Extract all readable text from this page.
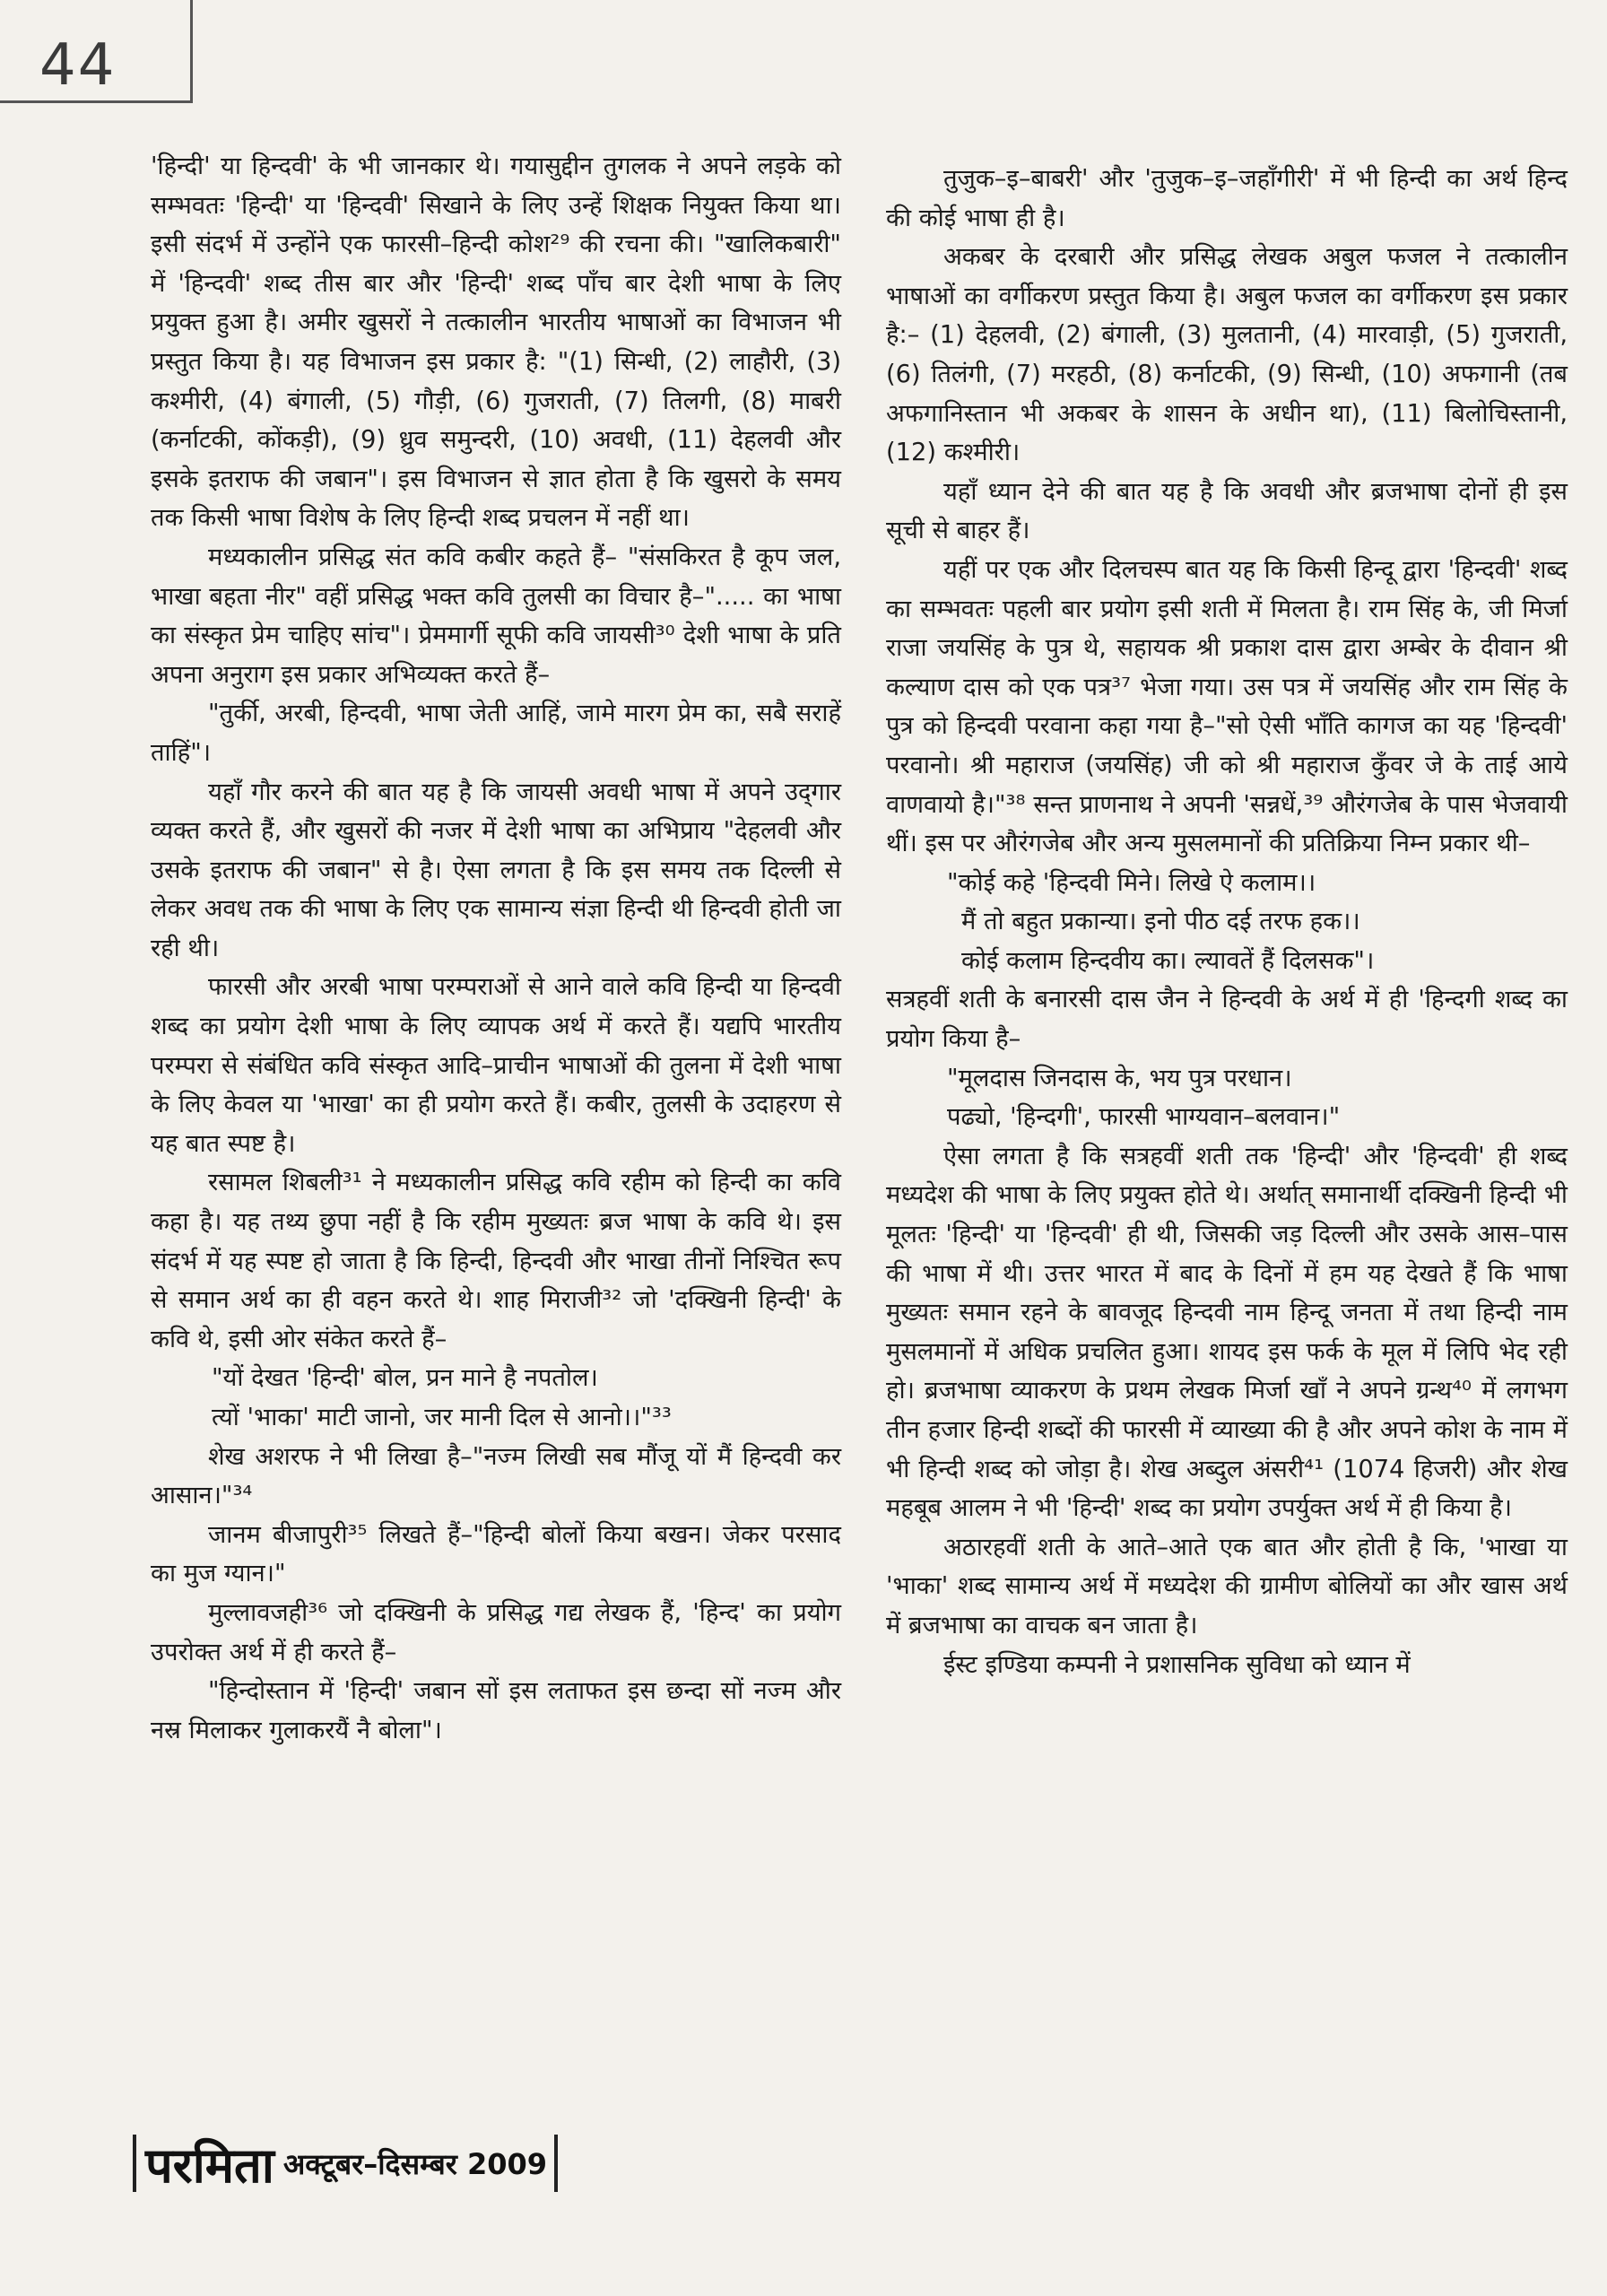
44

'हिन्दी' या हिन्दवी' के भी जानकार थे। गयासुद्दीन तुगलक ने अपने लड़के को सम्भवतः 'हिन्दी' या 'हिन्दवी' सिखाने के लिए उन्हें शिक्षक नियुक्त किया था। इसी संदर्भ में उन्होंने एक फारसी–हिन्दी कोश²⁹ की रचना की। "खालिकबारी" में 'हिन्दवी' शब्द तीस बार और 'हिन्दी' शब्द पाँच बार देशी भाषा के लिए प्रयुक्त हुआ है। अमीर खुसरों ने तत्कालीन भारतीय भाषाओं का विभाजन भी प्रस्तुत किया है। यह विभाजन इस प्रकार है: "(1) सिन्धी, (2) लाहौरी, (3) कश्मीरी, (4) बंगाली, (5) गौड़ी, (6) गुजराती, (7) तिलगी, (8) माबरी (कर्नाटकी, कोंकड़ी), (9) ध्रुव समुन्दरी, (10) अवधी, (11) देहलवी और इसके इतराफ की जबान"। इस विभाजन से ज्ञात होता है कि खुसरो के समय तक किसी भाषा विशेष के लिए हिन्दी शब्द प्रचलन में नहीं था।

मध्यकालीन प्रसिद्ध संत कवि कबीर कहते हैं– "संसकिरत है कूप जल, भाखा बहता नीर" वहीं प्रसिद्ध भक्त कवि तुलसी का विचार है–"..... का भाषा का संस्कृत प्रेम चाहिए सांच"। प्रेममार्गी सूफी कवि जायसी³⁰ देशी भाषा के प्रति अपना अनुराग इस प्रकार अभिव्यक्त करते हैं–

"तुर्की, अरबी, हिन्दवी, भाषा जेती आहिं, जामे मारग प्रेम का, सबै सराहें ताहिं"।

यहाँ गौर करने की बात यह है कि जायसी अवधी भाषा में अपने उद्‌गार व्यक्त करते हैं, और खुसरों की नजर में देशी भाषा का अभिप्राय "देहलवी और उसके इतराफ की जबान" से है। ऐसा लगता है कि इस समय तक दिल्ली से लेकर अवध तक की भाषा के लिए एक सामान्य संज्ञा हिन्दी थी हिन्दवी होती जा रही थी।

फारसी और अरबी भाषा परम्पराओं से आने वाले कवि हिन्दी या हिन्दवी शब्द का प्रयोग देशी भाषा के लिए व्यापक अर्थ में करते हैं। यद्यपि भारतीय परम्परा से संबंधित कवि संस्कृत आदि–प्राचीन भाषाओं की तुलना में देशी भाषा के लिए केवल या 'भाखा' का ही प्रयोग करते हैं। कबीर, तुलसी के उदाहरण से यह बात स्पष्ट है।

रसामल शिबली³¹ ने मध्यकालीन प्रसिद्ध कवि रहीम को हिन्दी का कवि कहा है। यह तथ्य छुपा नहीं है कि रहीम मुख्यतः ब्रज भाषा के कवि थे। इस संदर्भ में यह स्पष्ट हो जाता है कि हिन्दी, हिन्दवी और भाखा तीनों निश्चित रूप से समान अर्थ का ही वहन करते थे। शाह मिराजी³² जो 'दक्खिनी हिन्दी' के कवि थे, इसी ओर संकेत करते हैं–

"यों देखत 'हिन्दी' बोल, प्रन माने है नपतोल।

त्यों 'भाका' माटी जानो, जर मानी दिल से आनो।।"³³

शेख अशरफ ने भी लिखा है–"नज्म लिखी सब मौंजू यों मैं हिन्दवी कर आसान।"³⁴

जानम बीजापुरी³⁵ लिखते हैं–"हिन्दी बोलों किया बखन। जेकर परसाद का मुज ग्यान।"

मुल्लावजही³⁶ जो दक्खिनी के प्रसिद्ध गद्य लेखक हैं, 'हिन्द' का प्रयोग उपरोक्त अर्थ में ही करते हैं–

"हिन्दोस्तान में 'हिन्दी' जबान सों इस लताफत इस छन्दा सों नज्म और नस्र मिलाकर गुलाकरयैं नै बोला"।

तुजुक–इ–बाबरी' और 'तुजुक–इ–जहाँगीरी' में भी हिन्दी का अर्थ हिन्द की कोई भाषा ही है।

अकबर के दरबारी और प्रसिद्ध लेखक अबुल फजल ने तत्कालीन भाषाओं का वर्गीकरण प्रस्तुत किया है। अबुल फजल का वर्गीकरण इस प्रकार है:– (1) देहलवी, (2) बंगाली, (3) मुलतानी, (4) मारवाड़ी, (5) गुजराती, (6) तिलंगी, (7) मरहठी, (8) कर्नाटकी, (9) सिन्धी, (10) अफगानी (तब अफगानिस्तान भी अकबर के शासन के अधीन था), (11) बिलोचिस्तानी, (12) कश्मीरी।

यहाँ ध्यान देने की बात यह है कि अवधी और ब्रजभाषा दोनों ही इस सूची से बाहर हैं।

यहीं पर एक और दिलचस्प बात यह कि किसी हिन्दू द्वारा 'हिन्दवी' शब्द का सम्भवतः पहली बार प्रयोग इसी शती में मिलता है। राम सिंह के, जी मिर्जा राजा जयसिंह के पुत्र थे, सहायक श्री प्रकाश दास द्वारा अम्बेर के दीवान श्री कल्याण दास को एक पत्र³⁷ भेजा गया। उस पत्र में जयसिंह और राम सिंह के पुत्र को हिन्दवी परवाना कहा गया है–"सो ऐसी भाँति कागज का यह 'हिन्दवी' परवानो। श्री महाराज (जयसिंह) जी को श्री महाराज कुँवर जे के ताई आये वाणवायो है।"³⁸ सन्त प्राणनाथ ने अपनी 'सन्नधें,³⁹ औरंगजेब के पास भेजवायी थीं। इस पर औरंगजेब और अन्य मुसलमानों की प्रतिक्रिया निम्न प्रकार थी–

"कोई कहे 'हिन्दवी मिने। लिखे ऐ कलाम।।

मैं तो बहुत प्रकान्या। इनो पीठ दई तरफ हक।।

कोई कलाम हिन्दवीय का। ल्यावतें हैं दिलसक"।

सत्रहवीं शती के बनारसी दास जैन ने हिन्दवी के अर्थ में ही 'हिन्दगी शब्द का प्रयोग किया है–

"मूलदास जिनदास के, भय पुत्र परधान।

पढ्यो, 'हिन्दगी', फारसी भाग्यवान–बलवान।"

ऐसा लगता है कि सत्रहवीं शती तक 'हिन्दी' और 'हिन्दवी' ही शब्द मध्यदेश की भाषा के लिए प्रयुक्त होते थे। अर्थात् समानार्थी दक्खिनी हिन्दी भी मूलतः 'हिन्दी' या 'हिन्दवी' ही थी, जिसकी जड़ दिल्ली और उसके आस–पास की भाषा में थी। उत्तर भारत में बाद के दिनों में हम यह देखते हैं कि भाषा मुख्यतः समान रहने के बावजूद हिन्दवी नाम हिन्दू जनता में तथा हिन्दी नाम मुसलमानों में अधिक प्रचलित हुआ। शायद इस फर्क के मूल में लिपि भेद रही हो। ब्रजभाषा व्याकरण के प्रथम लेखक मिर्जा खाँ ने अपने ग्रन्थ⁴⁰ में लगभग तीन हजार हिन्दी शब्दों की फारसी में व्याख्या की है और अपने कोश के नाम में भी हिन्दी शब्द को जोड़ा है। शेख अब्दुल अंसरी⁴¹ (1074 हिजरी) और शेख महबूब आलम ने भी 'हिन्दी' शब्द का प्रयोग उपर्युक्त अर्थ में ही किया है।

अठारहवीं शती के आते–आते एक बात और होती है कि, 'भाखा या 'भाका' शब्द सामान्य अर्थ में मध्यदेश की ग्रामीण बोलियों का और खास अर्थ में ब्रजभाषा का वाचक बन जाता है।

ईस्ट इण्डिया कम्पनी ने प्रशासनिक सुविधा को ध्यान में

परमिता अक्टूबर–दिसम्बर 2009
